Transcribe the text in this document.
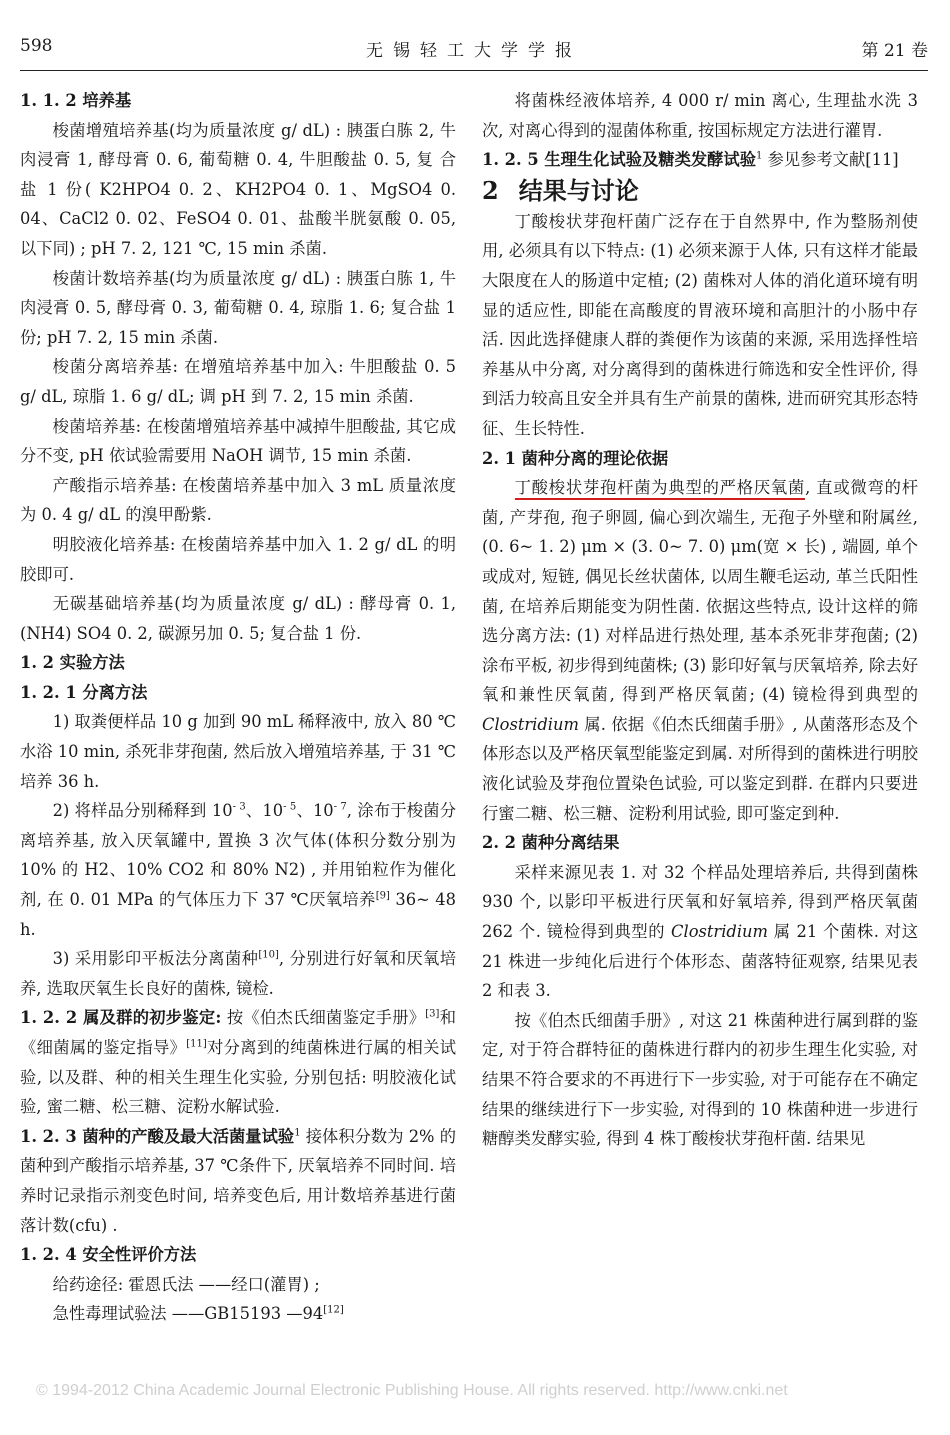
598	无锡轻工大学学报	第 21 卷

1. 1. 2 培养基

梭菌增殖培养基(均为质量浓度 g/ dL) : 胰蛋白胨 2, 牛肉浸膏 1, 酵母膏 0. 6, 葡萄糖 0. 4, 牛胆酸盐 0. 5, 复 合 盐 1 份( K2HPO4 0. 2、KH2PO4 0. 1、MgSO4 0. 04、CaCl2 0. 02、FeSO4 0. 01、盐酸半胱氨酸 0. 05, 以下同) ; pH 7. 2, 121 ℃, 15 min 杀菌.

梭菌计数培养基(均为质量浓度 g/ dL) : 胰蛋白胨 1, 牛肉浸膏 0. 5, 酵母膏 0. 3, 葡萄糖 0. 4, 琼脂 1. 6; 复合盐 1 份; pH 7. 2, 15 min 杀菌.

梭菌分离培养基: 在增殖培养基中加入: 牛胆酸盐 0. 5 g/ dL, 琼脂 1. 6 g/ dL; 调 pH 到 7. 2, 15 min 杀菌.

梭菌培养基: 在梭菌增殖培养基中减掉牛胆酸盐, 其它成分不变, pH 依试验需要用 NaOH 调节, 15 min 杀菌.

产酸指示培养基: 在梭菌培养基中加入 3 mL 质量浓度为 0. 4 g/ dL 的溴甲酚紫.

明胶液化培养基: 在梭菌培养基中加入 1. 2 g/ dL 的明胶即可.

无碳基础培养基(均为质量浓度 g/ dL) : 酵母膏 0. 1, (NH4) SO4 0. 2, 碳源另加 0. 5; 复合盐 1 份.

1. 2 实验方法

1. 2. 1 分离方法

1) 取粪便样品 10 g 加到 90 mL 稀释液中, 放入 80 ℃水浴 10 min, 杀死非芽孢菌, 然后放入增殖培养基, 于 31 ℃培养 36 h.

2) 将样品分别稀释到 $10^{- 3}$、$10^{- 5}$、$10^{- 7}$, 涂布于梭菌分离培养基, 放入厌氧罐中, 置换 3 次气体(体积分数分别为 10% 的 H2、10% CO2 和 80% N2) , 并用铂粒作为催化剂, 在 0. 01 MPa 的气体压力下 37 ℃厌氧培养[9] 36~ 48 h.

3) 采用影印平板法分离菌种[10], 分别进行好氧和厌氧培养, 选取厌氧生长良好的菌株, 镜检.

1. 2. 2 属及群的初步鉴定: 按《伯杰氏细菌鉴定手册》[3]和《细菌属的鉴定指导》[11]对分离到的纯菌株进行属的相关试验, 以及群、种的相关生理生化实验, 分别包括: 明胶液化试验, 蜜二糖、松三糖、淀粉水解试验.

1. 2. 3 菌种的产酸及最大活菌量试验$^1$ 接体积分数为 2% 的菌种到产酸指示培养基, 37 ℃条件下, 厌氧培养不同时间. 培养时记录指示剂变色时间, 培养变色后, 用计数培养基进行菌落计数(cfu) .

1. 2. 4 安全性评价方法

给药途径: 霍恩氏法 ——经口(灌胃) ;

急性毒理试验法 ——GB15193 —94[12]

将菌株经液体培养, 4 000 r/ min 离心, 生理盐水洗 3 次, 对离心得到的湿菌体称重, 按国标规定方法进行灌胃.

1. 2. 5 生理生化试验及糖类发酵试验$^1$ 参见参考文献[11]

2 结果与讨论

丁酸梭状芽孢杆菌广泛存在于自然界中, 作为整肠剂使用, 必须具有以下特点: (1) 必须来源于人体, 只有这样才能最大限度在人的肠道中定植; (2) 菌株对人体的消化道环境有明显的适应性, 即能在高酸度的胃液环境和高胆汁的小肠中存活. 因此选择健康人群的粪便作为该菌的来源, 采用选择性培养基从中分离, 对分离得到的菌株进行筛选和安全性评价, 得到活力较高且安全并具有生产前景的菌株, 进而研究其形态特征、生长特性.

2. 1 菌种分离的理论依据

丁酸梭状芽孢杆菌为典型的严格厌氧菌, 直或微弯的杆菌, 产芽孢, 孢子卵圆, 偏心到次端生, 无孢子外壁和附属丝, (0. 6~ 1. 2) μm × (3. 0~ 7. 0) μm(宽 × 长) , 端圆, 单个或成对, 短链, 偶见长丝状菌体, 以周生鞭毛运动, 革兰氏阳性菌, 在培养后期能变为阴性菌. 依据这些特点, 设计这样的筛选分离方法: (1) 对样品进行热处理, 基本杀死非芽孢菌; (2) 涂布平板, 初步得到纯菌株; (3) 影印好氧与厌氧培养, 除去好氧和兼性厌氧菌, 得到严格厌氧菌; (4) 镜检得到典型的 Clostridium 属. 依据《伯杰氏细菌手册》, 从菌落形态及个体形态以及严格厌氧型能鉴定到属. 对所得到的菌株进行明胶液化试验及芽孢位置染色试验, 可以鉴定到群. 在群内只要进行蜜二糖、松三糖、淀粉利用试验, 即可鉴定到种.

2. 2 菌种分离结果

采样来源见表 1. 对 32 个样品处理培养后, 共得到菌株 930 个, 以影印平板进行厌氧和好氧培养, 得到严格厌氧菌 262 个. 镜检得到典型的 Clostridium 属 21 个菌株. 对这 21 株进一步纯化后进行个体形态、菌落特征观察, 结果见表 2 和表 3.

按《伯杰氏细菌手册》, 对这 21 株菌种进行属到群的鉴定, 对于符合群特征的菌株进行群内的初步生理生化实验, 对结果不符合要求的不再进行下一步实验, 对于可能存在不确定结果的继续进行下一步实验, 对得到的 10 株菌种进一步进行糖醇类发酵实验, 得到 4 株丁酸梭状芽孢杆菌. 结果见

© 1994-2012 China Academic Journal Electronic Publishing House. All rights reserved. http://www.cnki.net
